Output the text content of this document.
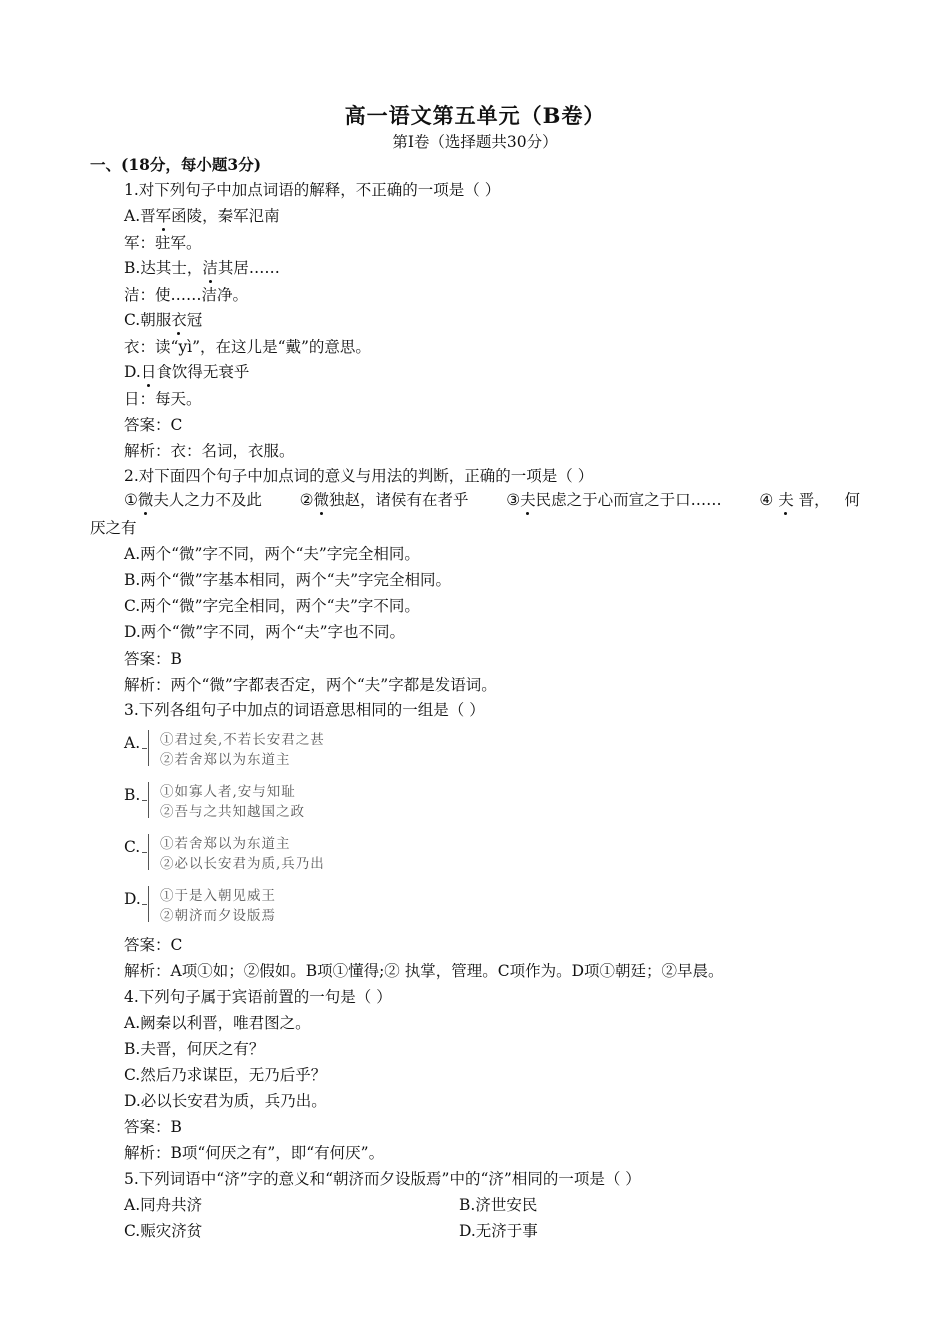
高一语文第五单元（B卷）
第Ⅰ卷（选择题共30分）
一、(18分，每小题3分)
1.对下列句子中加点词语的解释，不正确的一项是（ ）
A.晋军函陵，秦军氾南
军：驻军。
B.达其士，洁其居……
洁：使……洁净。
C.朝服衣冠
衣：读“yì”，在这儿是“戴”的意思。
D.日食饮得无衰乎
日：每天。
答案：C
解析：衣：名词，衣服。
2.对下面四个句子中加点词的意义与用法的判断，正确的一项是（ ）
①微夫人之力不及此 ②微独赵，诸侯有在者乎 ③夫民虑之于心而宣之于口…… ④ 夫 晋， 何
厌之有
A.两个“微”字不同，两个“夫”字完全相同。
B.两个“微”字基本相同，两个“夫”字完全相同。
C.两个“微”字完全相同，两个“夫”字不同。
D.两个“微”字不同，两个“夫”字也不同。
答案：B
解析：两个“微”字都表否定，两个“夫”字都是发语词。
3.下列各组句子中加点的词语意思相同的一组是（ ）
A. ①君过矣,不若长安君之甚
②若舍郑以为东道主
B. ①如寡人者,安与知耻
②吾与之共知越国之政
C. ①若舍郑以为东道主
②必以长安君为质,兵乃出
D. ①于是入朝见威王
②朝济而夕设版焉
答案：C
解析：A项①如；②假如。B项①懂得;② 执掌，管理。C项作为。D项①朝廷；②早晨。
4.下列句子属于宾语前置的一句是（ ）
A.阙秦以利晋，唯君图之。
B.夫晋，何厌之有？
C.然后乃求谋臣，无乃后乎？
D.必以长安君为质，兵乃出。
答案：B
解析：B项“何厌之有”，即“有何厌”。
5.下列词语中“济”字的意义和“朝济而夕设版焉”中的“济”相同的一项是（ ）
A.同舟共济	B.济世安民
C.赈灾济贫	D.无济于事
